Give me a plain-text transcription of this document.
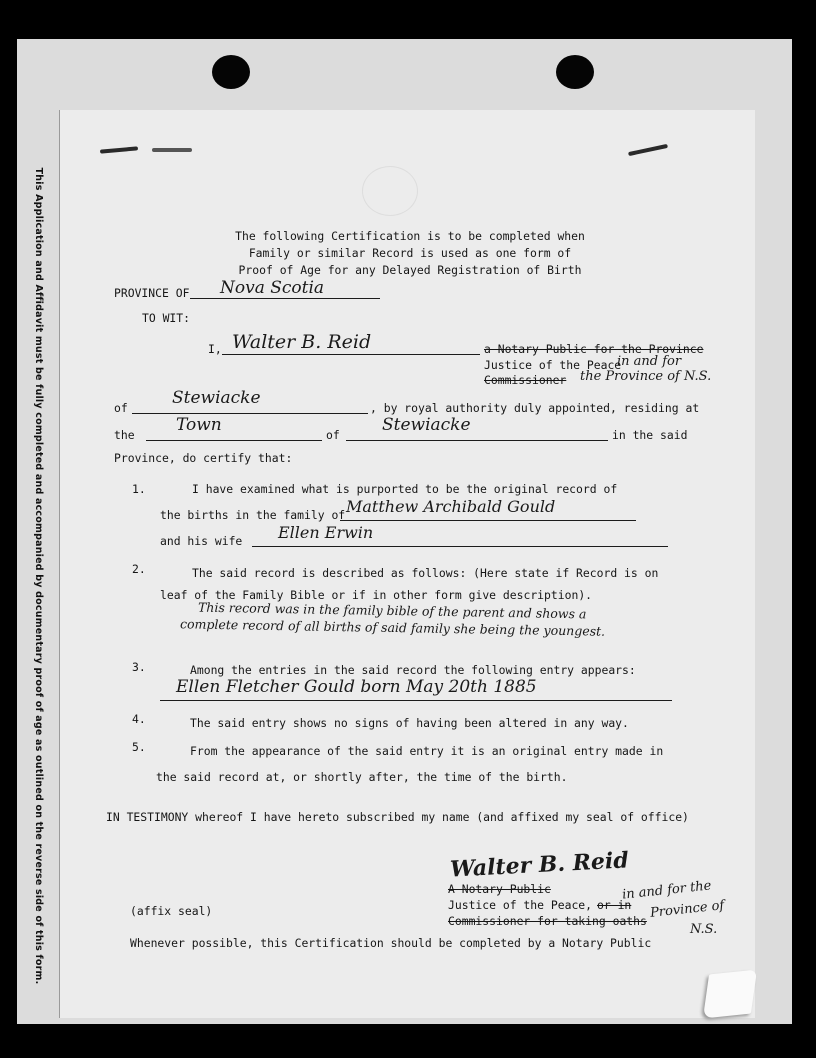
This Application and Affidavit must be fully completed and accompanied by documentary proof of age as outlined on the reverse side of this form.	The following Certification is to be completed when
Family or similar Record is used as one form of
Proof of Age for any Delayed Registration of Birth
PROVINCE OF Nova Scotia
TO WIT:
I, Walter B. Reid	a Notary Public for the Province
Justice of the Peace
in and for
Commissioner the Province of N.S.
of	Stewiacke	, by royal authority duly appointed, residing at
the Town	of Stewiacke	in the said
Province, do certify that:
1.	I have examined what is purported to be the original record of
the births in the family of Matthew Archibald Gould
and his wife Ellen Erwin
2.	The said record is described as follows: (Here state if Record is on
leaf of the Family Bible or if in other form give description).
This record was in the family bible of the parent and shows a
complete record of all births of said family she being the youngest.
3.	Among the entries in the said record the following entry appears:
Ellen Fletcher Gould born May 20th 1885
4.	The said entry shows no signs of having been altered in any way.
5.	From the appearance of the said entry it is an original entry made in
the said record at, or shortly after, the time of the birth.
IN TESTIMONY whereof I have hereto subscribed my name (and affixed my seal of office)
Walter B. Reid
A Notary Public
Justice of the Peace, or in
in and for the
Commissioner for taking oaths
Province of
N.S.
(affix seal)
Whenever possible, this Certification should be completed by a Notary Public
